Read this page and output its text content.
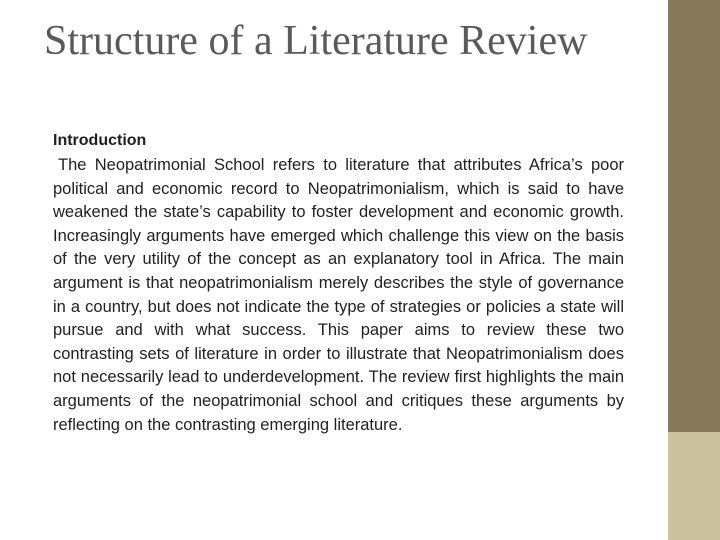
Structure of a Literature Review

Introduction

The Neopatrimonial School refers to literature that attributes Africa’s poor political and economic record to Neopatrimonialism, which is said to have weakened the state’s capability to foster development and economic growth. Increasingly arguments have emerged which challenge this view on the basis of the very utility of the concept as an explanatory tool in Africa. The main argument is that neopatrimonialism merely describes the style of governance in a country, but does not indicate the type of strategies or policies a state will pursue and with what success. This paper aims to review these two contrasting sets of literature in order to illustrate that Neopatrimonialism does not necessarily lead to underdevelopment. The review first highlights the main arguments of the neopatrimonial school and critiques these arguments by reflecting on the contrasting emerging literature.
